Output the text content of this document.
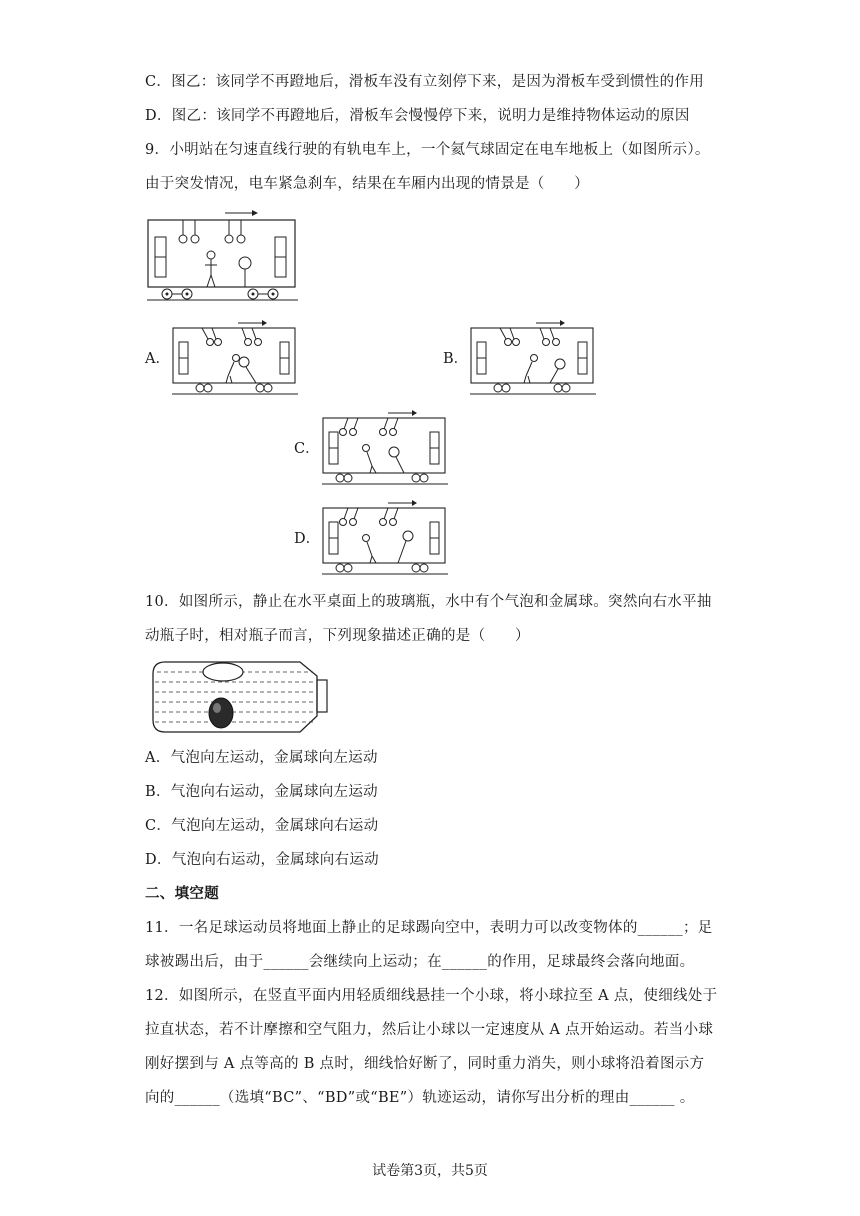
C．图乙：该同学不再蹬地后，滑板车没有立刻停下来，是因为滑板车受到惯性的作用
D．图乙：该同学不再蹬地后，滑板车会慢慢停下来，说明力是维持物体运动的原因
9．小明站在匀速直线行驶的有轨电车上，一个氦气球固定在电车地板上（如图所示）。
由于突发情况，电车紧急刹车，结果在车厢内出现的情景是（　　）
A．	B．
C．
D．
10．如图所示，静止在水平桌面上的玻璃瓶，水中有个气泡和金属球。突然向右水平抽
动瓶子时，相对瓶子而言，下列现象描述正确的是（　　）
A．气泡向左运动，金属球向左运动
B．气泡向右运动，金属球向左运动
C．气泡向左运动，金属球向右运动
D．气泡向右运动，金属球向右运动
二、填空题
11．一名足球运动员将地面上静止的足球踢向空中，表明力可以改变物体的______；足
球被踢出后，由于______会继续向上运动；在______的作用，足球最终会落向地面。
12．如图所示，在竖直平面内用轻质细线悬挂一个小球，将小球拉至 A 点，使细线处于
拉直状态，若不计摩擦和空气阻力，然后让小球以一定速度从 A 点开始运动。若当小球
刚好摆到与 A 点等高的 B 点时，细线恰好断了，同时重力消失，则小球将沿着图示方
向的______（选填“BC”、“BD”或“BE”）轨迹运动，请你写出分析的理由______ 。
试卷第3页，共5页
